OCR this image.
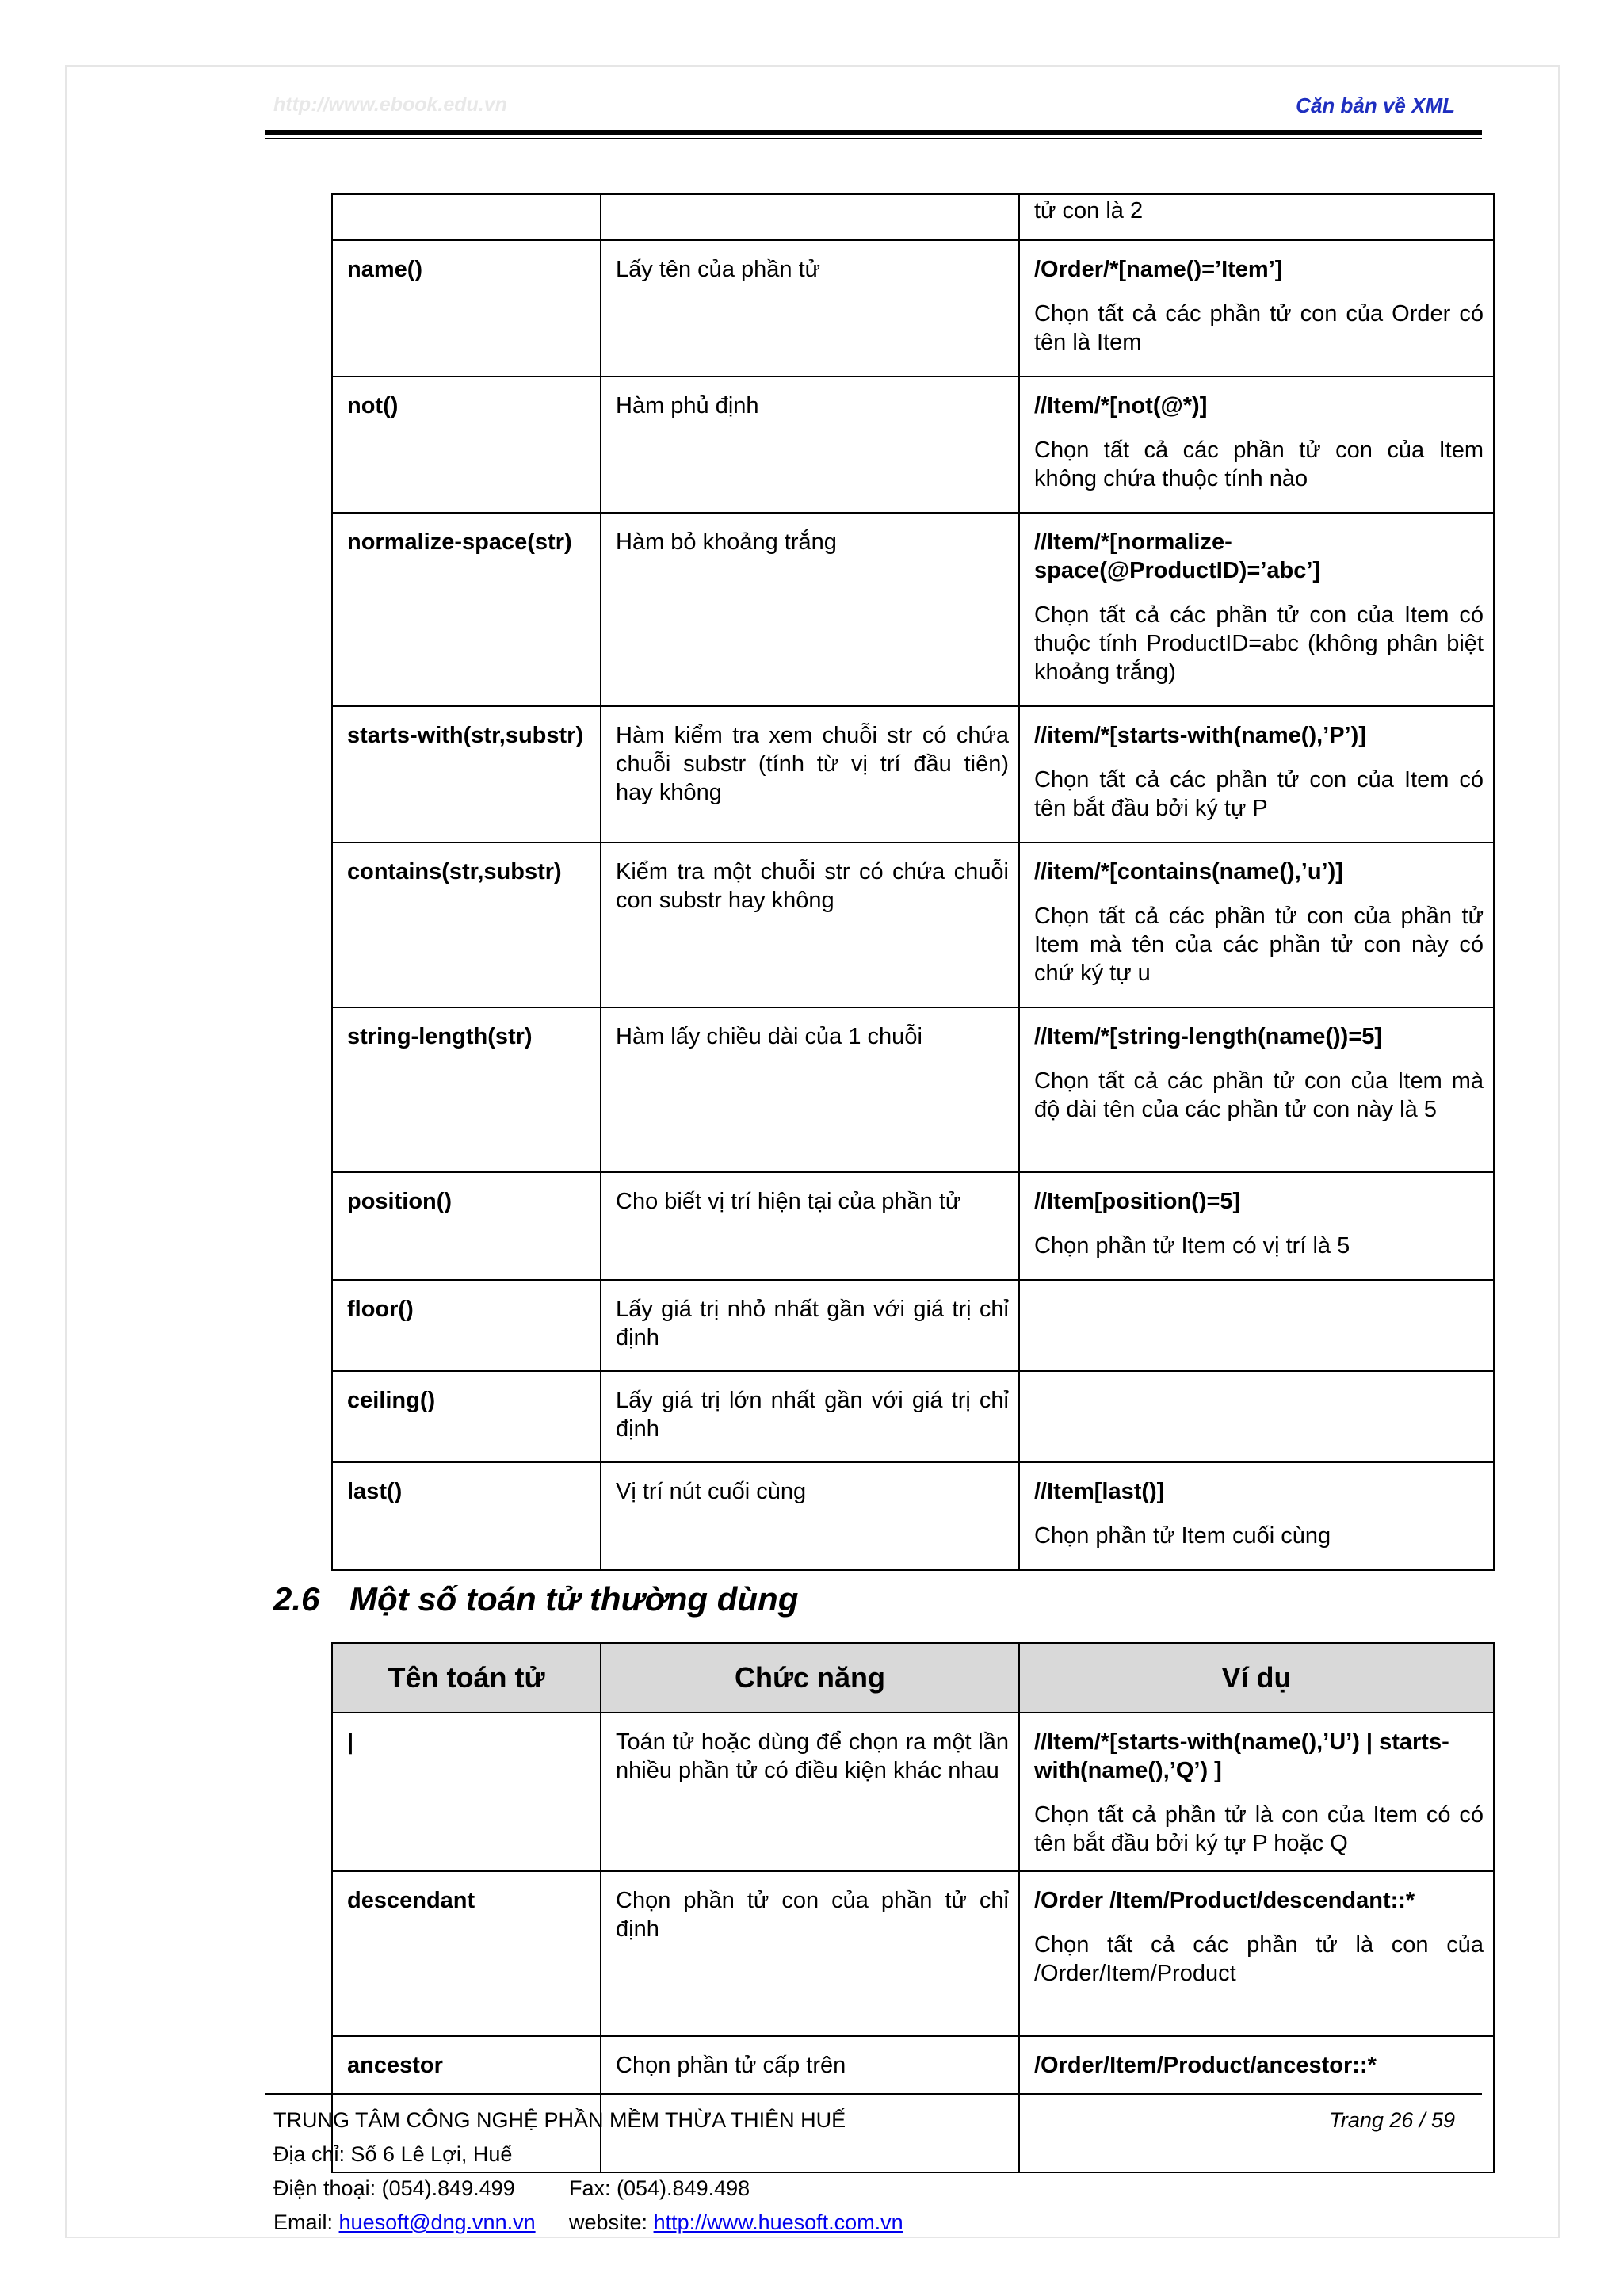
http://www.ebook.edu.vn	Căn bản về XML

		tử con là 2

name()	Lấy tên của phần tử	/Order/*[name()=’Item’]
Chọn tất cả các phần tử con của Order có tên là Item

not()	Hàm phủ định	//Item/*[not(@*)]
Chọn tất cả các phần tử con của Item không chứa thuộc tính nào

normalize-space(str)	Hàm bỏ khoảng trắng	//Item/*[normalize-space(@ProductID)=’abc’]
Chọn tất cả các phần tử con của Item có thuộc tính ProductID=abc (không phân biệt khoảng trắng)

starts-with(str,substr)	Hàm kiểm tra xem chuỗi str có chứa chuỗi substr (tính từ vị trí đầu tiên) hay không	//item/*[starts-with(name(),’P’)]
Chọn tất cả các phần tử con của Item có tên bắt đầu bởi ký tự P

contains(str,substr)	Kiểm tra một chuỗi str có chứa chuỗi con substr hay không	//item/*[contains(name(),’u’)]
Chọn tất cả các phần tử con của phần tử Item mà tên của các phần tử con này có chứ ký tự u

string-length(str)	Hàm lấy chiều dài của 1 chuỗi	//Item/*[string-length(name())=5]
Chọn tất cả các phần tử con của Item mà độ dài tên của các phần tử con này là 5

position()	Cho biết vị trí hiện tại của phần tử	//Item[position()=5]
Chọn phần tử Item có vị trí là 5

floor()	Lấy giá trị nhỏ nhất gần với giá trị chỉ định	
ceiling()	Lấy giá trị lớn nhất gần với giá trị chỉ định	
last()	Vị trí nút cuối cùng	//Item[last()]
Chọn phần tử Item cuối cùng
2.6 Một số toán tử thường dùng
Tên toán tử	Chức năng	Ví dụ
|	Toán tử hoặc dùng để chọn ra một lần nhiều phần tử có điều kiện khác nhau	//Item/*[starts-with(name(),’U’) | starts-with(name(),’Q’) ]
Chọn tất cả phần tử là con của Item có có tên bắt đầu bởi ký tự P hoặc Q

descendant	Chọn phần tử con của phần tử chỉ định	/Order /Item/Product/descendant::*
Chọn tất cả các phần tử là con của /Order/Item/Product

ancestor	Chọn phần tử cấp trên	/Order/Item/Product/ancestor::*
TRUNG TÂM CÔNG NGHỆ PHẦN MỀM THỪA THIÊN HUẾ	Trang 26 / 59
Địa chỉ: Số 6 Lê Lợi, Huế
Điện thoại: (054).849.499	Fax: (054).849.498
Email: huesoft@dng.vnn.vn website: http://www.huesoft.com.vn
